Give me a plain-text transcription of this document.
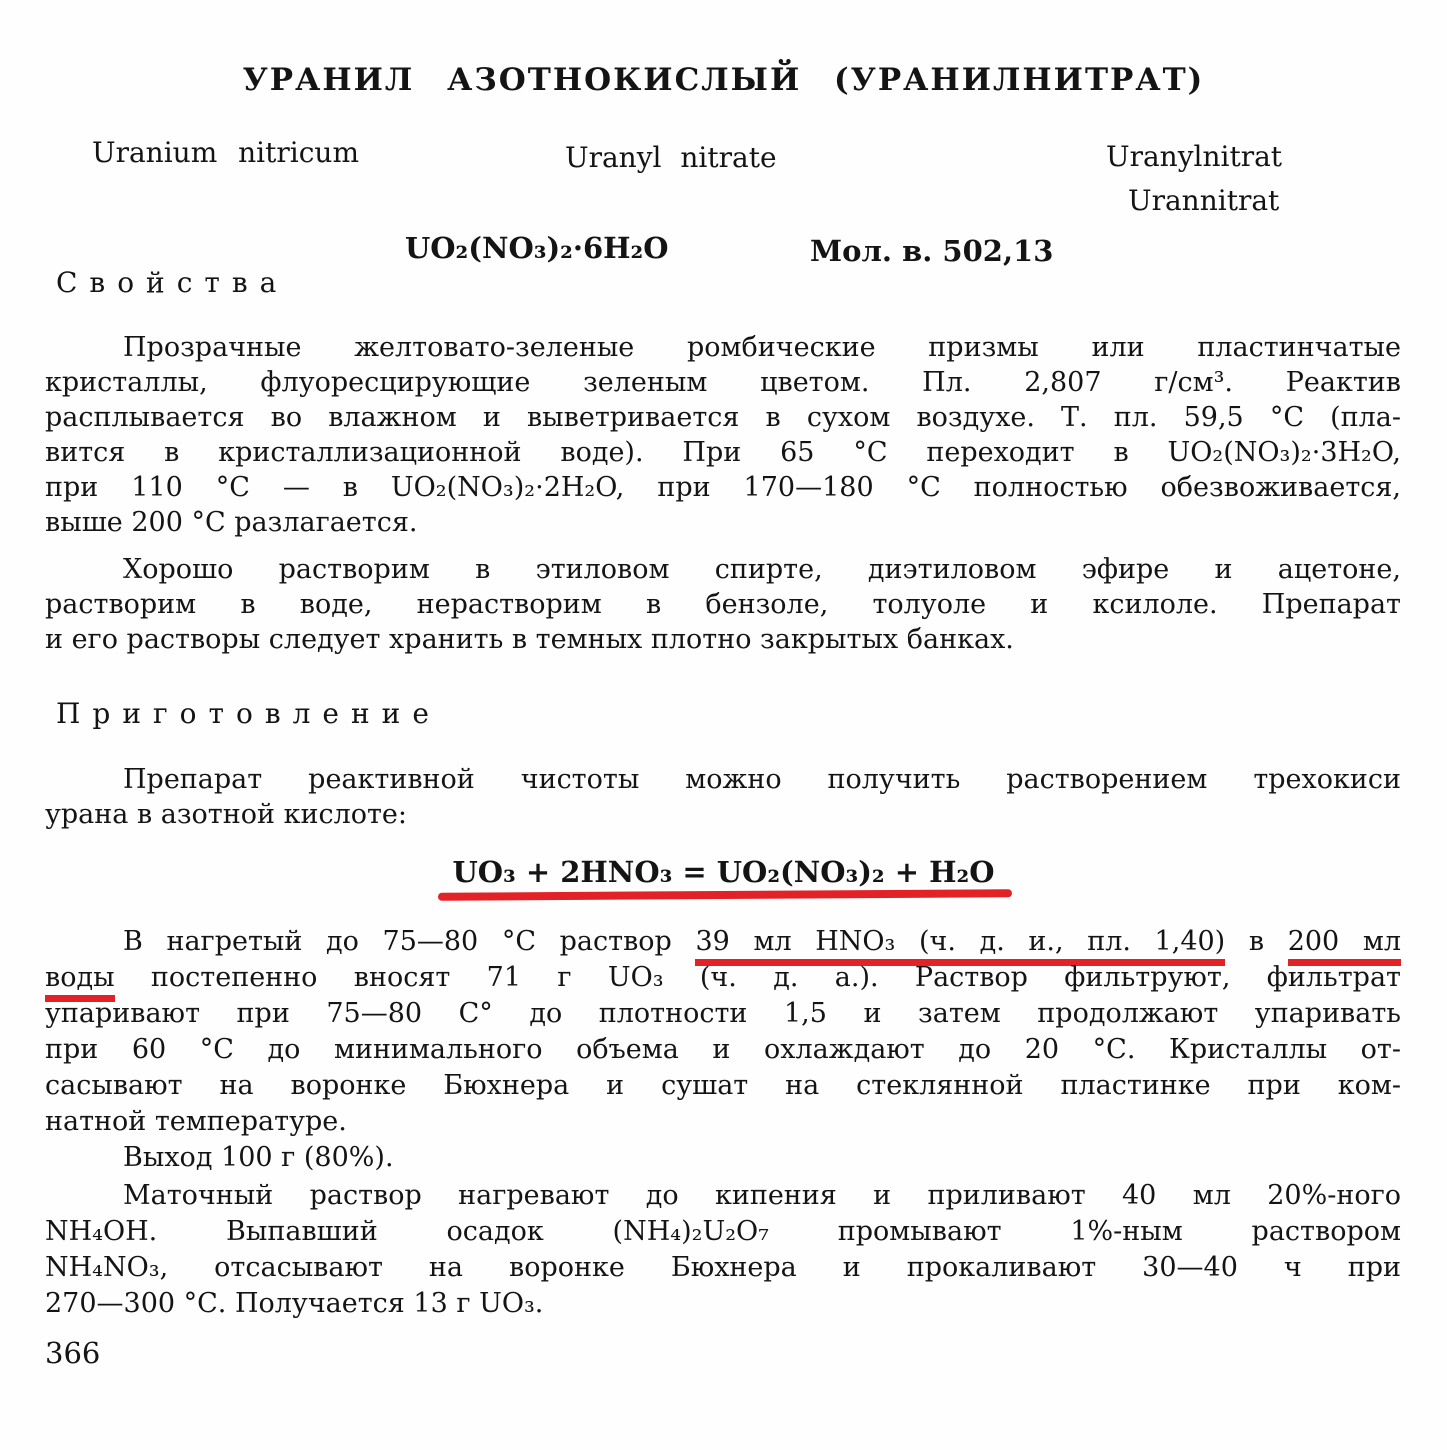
УРАНИЛ АЗОТНОКИСЛЫЙ (УРАНИЛНИТРАТ)
Uranium nitricum	Uranyl nitrate	Uranylnitrat
Urannitrat
UO₂(NO₃)₂·6H₂O	Мол. в. 502,13
Свойства
Прозрачные желтовато-зеленые ромбические призмы или пластинчатые
кристаллы, флуоресцирующие зеленым цветом. Пл. 2,807 г/см³. Реактив
расплывается во влажном и выветривается в сухом воздухе. Т. пл. 59,5 °С (пла-
вится в кристаллизационной воде). При 65 °С переходит в UO₂(NO₃)₂·3H₂O,
при 110 °С — в UO₂(NO₃)₂·2H₂O, при 170—180 °С полностью обезвоживается,
выше 200 °С разлагается.
Хорошо растворим в этиловом спирте, диэтиловом эфире и ацетоне,
растворим в воде, нерастворим в бензоле, толуоле и ксилоле. Препарат
и его растворы следует хранить в темных плотно закрытых банках.
Приготовление
Препарат реактивной чистоты можно получить растворением трехокиси
урана в азотной кислоте:
UO₃ + 2HNO₃ = UO₂(NO₃)₂ + H₂O
В нагретый до 75—80 °С раствор 39 мл HNO₃ (ч. д. и., пл. 1,40) в 200 мл
воды постепенно вносят 71 г UO₃ (ч. д. а.). Раствор фильтруют, фильтрат
упаривают при 75—80 С° до плотности 1,5 и затем продолжают упаривать
при 60 °С до минимального объема и охлаждают до 20 °С. Кристаллы от-
сасывают на воронке Бюхнера и сушат на стеклянной пластинке при ком-
натной температуре.
Выход 100 г (80%).
Маточный раствор нагревают до кипения и приливают 40 мл 20%-ного
NH₄OH. Выпавший осадок (NH₄)₂U₂O₇ промывают 1%-ным раствором
NH₄NO₃, отсасывают на воронке Бюхнера и прокаливают 30—40 ч при
270—300 °С. Получается 13 г UO₃.
366
